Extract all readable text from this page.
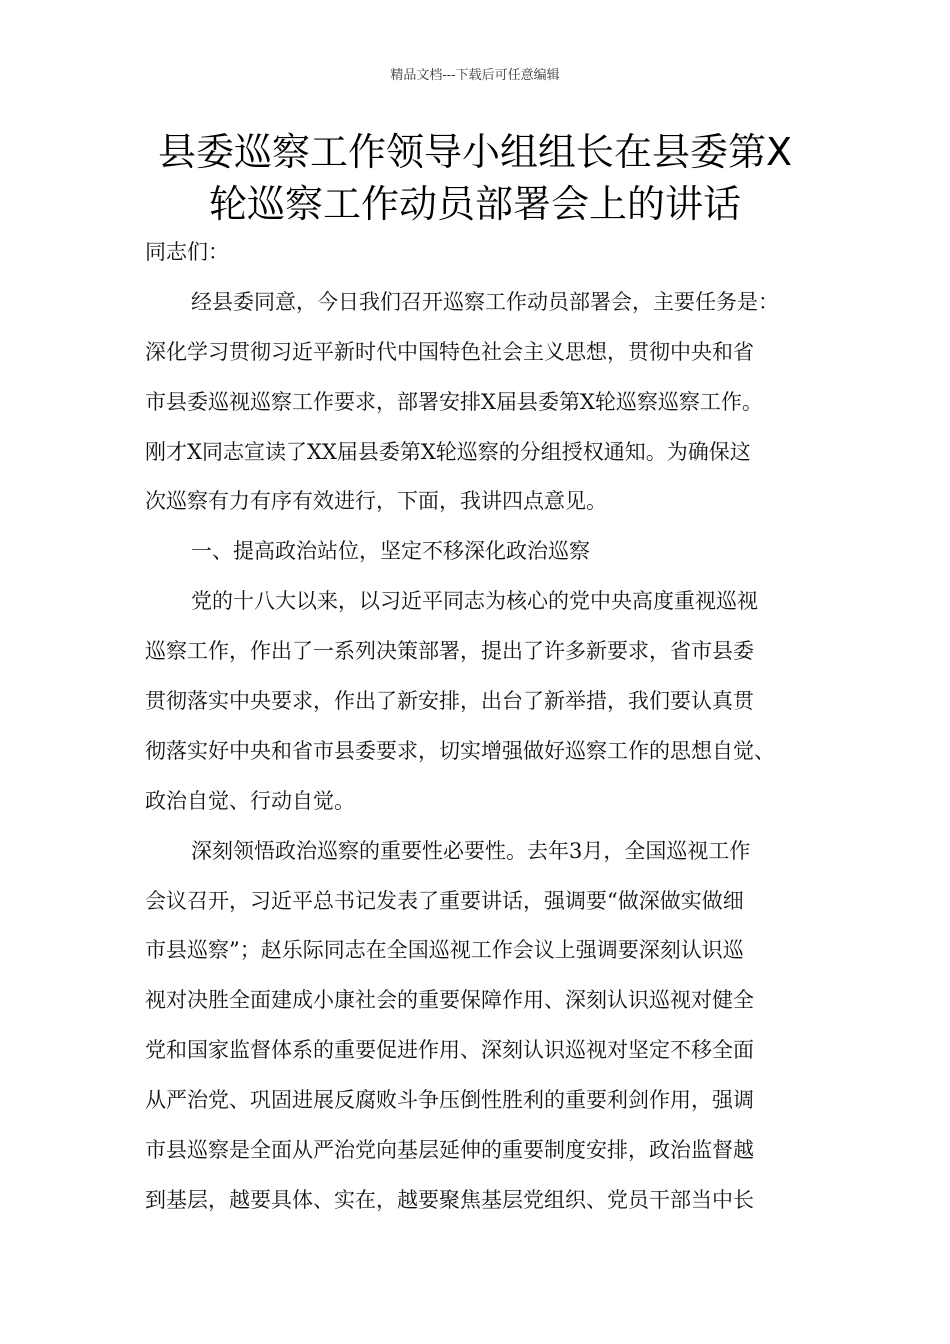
精品文档---下载后可任意编辑
县委巡察工作领导小组组长在县委第X
轮巡察工作动员部署会上的讲话
同志们：
经县委同意，今日我们召开巡察工作动员部署会，主要任务是：
深化学习贯彻习近平新时代中国特色社会主义思想，贯彻中央和省
市县委巡视巡察工作要求，部署安排X届县委第X轮巡察巡察工作。
刚才X同志宣读了XX届县委第X轮巡察的分组授权通知。为确保这
次巡察有力有序有效进行，下面，我讲四点意见。
一、提高政治站位，坚定不移深化政治巡察
党的十八大以来，以习近平同志为核心的党中央高度重视巡视
巡察工作，作出了一系列决策部署，提出了许多新要求，省市县委
贯彻落实中央要求，作出了新安排，出台了新举措，我们要认真贯
彻落实好中央和省市县委要求，切实增强做好巡察工作的思想自觉、
政治自觉、行动自觉。
深刻领悟政治巡察的重要性必要性。去年3月，全国巡视工作
会议召开，习近平总书记发表了重要讲话，强调要“做深做实做细
市县巡察”；赵乐际同志在全国巡视工作会议上强调要深刻认识巡
视对决胜全面建成小康社会的重要保障作用、深刻认识巡视对健全
党和国家监督体系的重要促进作用、深刻认识巡视对坚定不移全面
从严治党、巩固进展反腐败斗争压倒性胜利的重要利剑作用，强调
市县巡察是全面从严治党向基层延伸的重要制度安排，政治监督越
到基层，越要具体、实在，越要聚焦基层党组织、党员干部当中长
